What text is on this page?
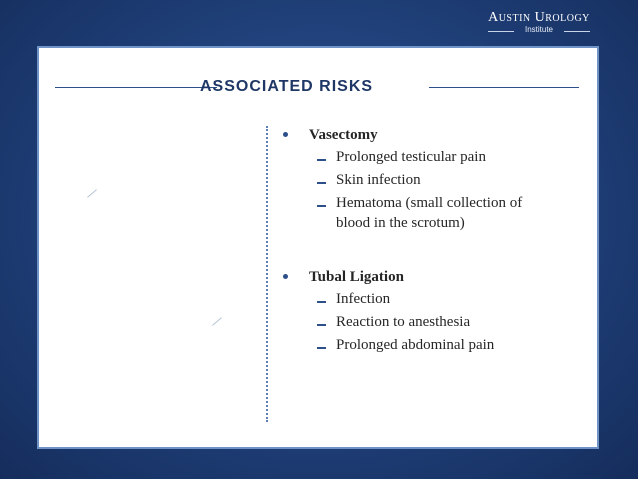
Austin Urology
Institute
ASSOCIATED RISKS
Vasectomy
Prolonged testicular pain
Skin infection
Hematoma (small collection of blood in the scrotum)
Tubal Ligation
Infection
Reaction to anesthesia
Prolonged abdominal pain
